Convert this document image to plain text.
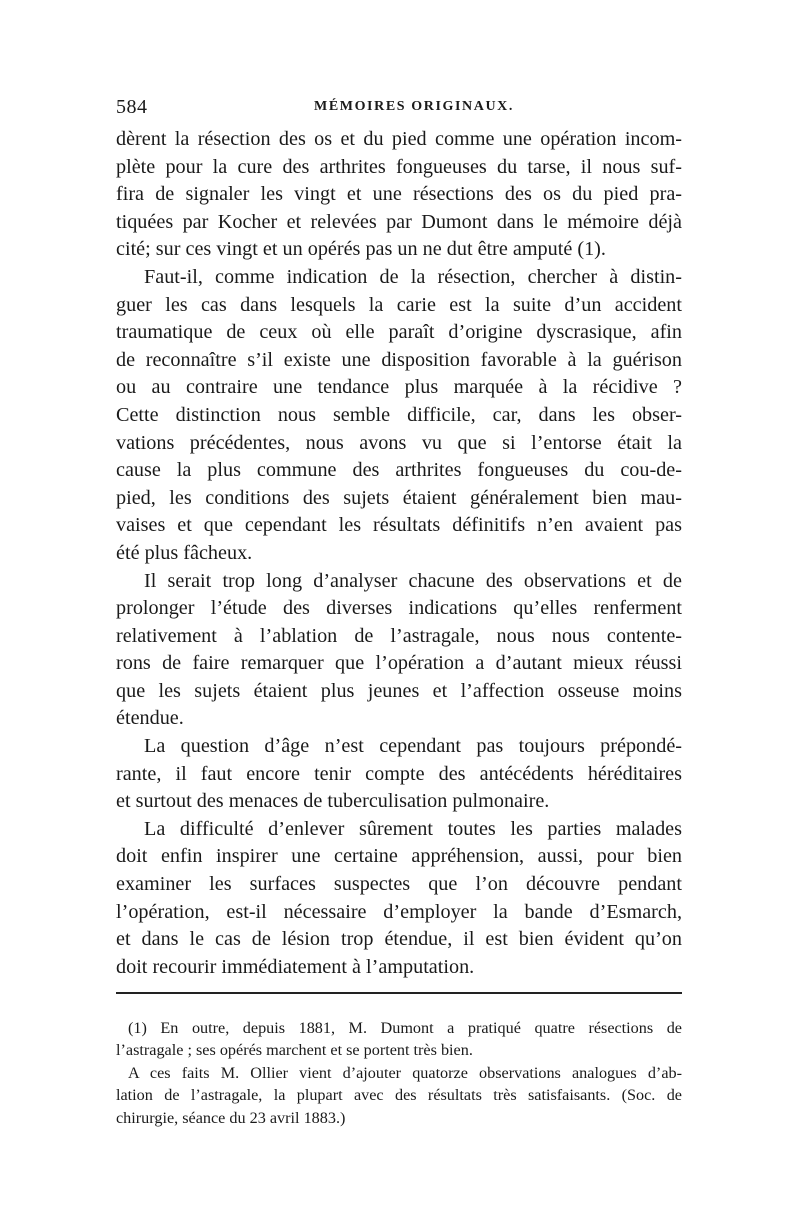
584	MÉMOIRES ORIGINAUX.

dèrent la résection des os et du pied comme une opération incom-
plète pour la cure des arthrites fongueuses du tarse, il nous suf-
fira de signaler les vingt et une résections des os du pied pra-
tiquées par Kocher et relevées par Dumont dans le mémoire déjà
cité; sur ces vingt et un opérés pas un ne dut être amputé (1).

Faut-il, comme indication de la résection, chercher à distin-
guer les cas dans lesquels la carie est la suite d’un accident
traumatique de ceux où elle paraît d’origine dyscrasique, afin
de reconnaître s’il existe une disposition favorable à la guérison
ou au contraire une tendance plus marquée à la récidive ?
Cette distinction nous semble difficile, car, dans les obser-
vations précédentes, nous avons vu que si l’entorse était la
cause la plus commune des arthrites fongueuses du cou-de-
pied, les conditions des sujets étaient généralement bien mau-
vaises et que cependant les résultats définitifs n’en avaient pas
été plus fâcheux.

Il serait trop long d’analyser chacune des observations et de
prolonger l’étude des diverses indications qu’elles renferment
relativement à l’ablation de l’astragale, nous nous contente-
rons de faire remarquer que l’opération a d’autant mieux réussi
que les sujets étaient plus jeunes et l’affection osseuse moins
étendue.

La question d’âge n’est cependant pas toujours prépondé-
rante, il faut encore tenir compte des antécédents héréditaires
et surtout des menaces de tuberculisation pulmonaire.

La difficulté d’enlever sûrement toutes les parties malades
doit enfin inspirer une certaine appréhension, aussi, pour bien
examiner les surfaces suspectes que l’on découvre pendant
l’opération, est-il nécessaire d’employer la bande d’Esmarch,
et dans le cas de lésion trop étendue, il est bien évident qu’on
doit recourir immédiatement à l’amputation.

(1) En outre, depuis 1881, M. Dumont a pratiqué quatre résections de
l’astragale ; ses opérés marchent et se portent très bien.
A ces faits M. Ollier vient d’ajouter quatorze observations analogues d’ab-
lation de l’astragale, la plupart avec des résultats très satisfaisants. (Soc. de
chirurgie, séance du 23 avril 1883.)
